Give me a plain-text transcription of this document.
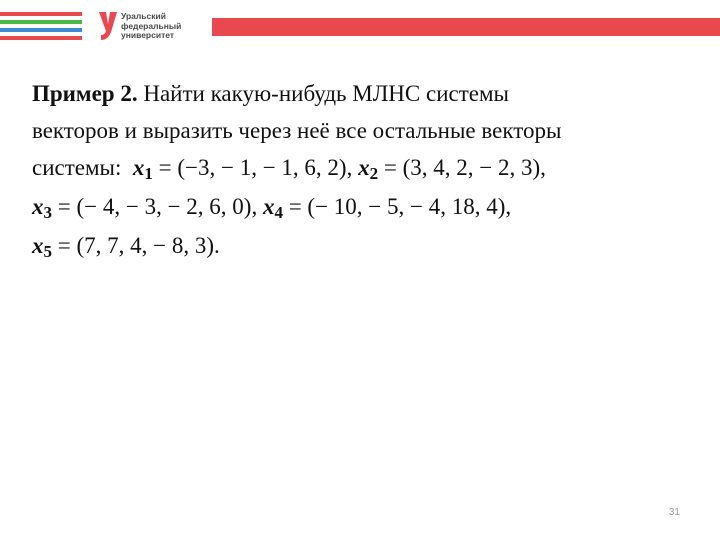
Уральский
федеральный
университет
Пример 2. Найти какую-нибудь МЛНС системы
векторов и выразить через неё все остальные векторы
системы: x1 = (−3, − 1, − 1, 6, 2), x2 = (3, 4, 2, − 2, 3),
x3 = (− 4, − 3, − 2, 6, 0), x4 = (− 10, − 5, − 4, 18, 4),
x5 = (7, 7, 4, − 8, 3).
31
